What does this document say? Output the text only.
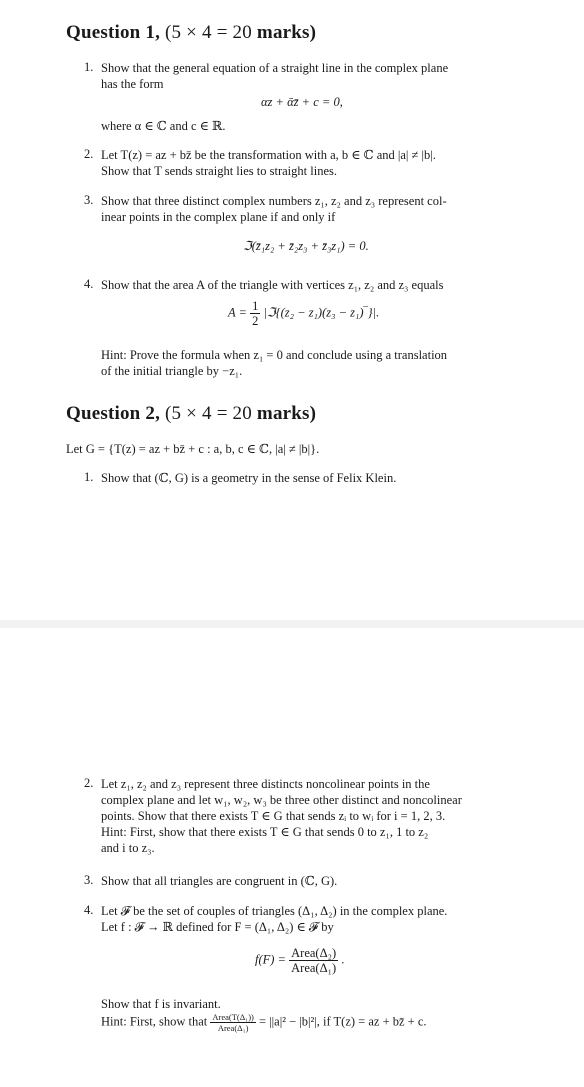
Question 1, (5 × 4 = 20 marks)
1. Show that the general equation of a straight line in the complex plane
has the form
αz + ᾱz̄ + c = 0,
where α ∈ ℂ and c ∈ ℝ.
2. Let T(z) = az + bz̄ be the transformation with a, b ∈ ℂ and |a| ≠ |b|.
Show that T sends straight lies to straight lines.
3. Show that three distinct complex numbers z₁, z₂ and z₃ represent col-
inear points in the complex plane if and only if
ℑ(z̄₁z₂ + z̄₂z₃ + z̄₃z₁) = 0.
4. Show that the area A of the triangle with vertices z₁, z₂ and z₃ equals
$A = \frac{1}{2}$ |ℑ{(z₂ − z₁)(z₃ − z₁)‾}|.
Hint: Prove the formula when z₁ = 0 and conclude using a translation
of the initial triangle by −z₁.
Question 2, (5 × 4 = 20 marks)
Let G = {T(z) = az + bz̄ + c : a, b, c ∈ ℂ, |a| ≠ |b|}.
1. Show that (ℂ, G) is a geometry in the sense of Felix Klein.
2. Let z₁, z₂ and z₃ represent three distincts noncolinear points in the
complex plane and let w₁, w₂, w₃ be three other distinct and noncolinear
points. Show that there exists T ∈ G that sends zᵢ to wᵢ for i = 1, 2, 3.
Hint: First, show that there exists T ∈ G that sends 0 to z₁, 1 to z₂
and i to z₃.
3. Show that all triangles are congruent in (ℂ, G).
4. Let 𝓕 be the set of couples of triangles (Δ₁, Δ₂) in the complex plane.
Let f : 𝓕 → ℝ defined for F = (Δ₁, Δ₂) ∈ 𝓕 by
$f(F) = \frac{\text{Area(Δ₂)}}{\text{Area(Δ₁)}}$ .
Show that f is invariant.
Hint: First, show that $\frac{\text{Area(T(Δ₁))}}{\text{Area(Δ₁)}} = ||a|^2 - |b|^2|$, if T(z) = az + bz̄ + c.
